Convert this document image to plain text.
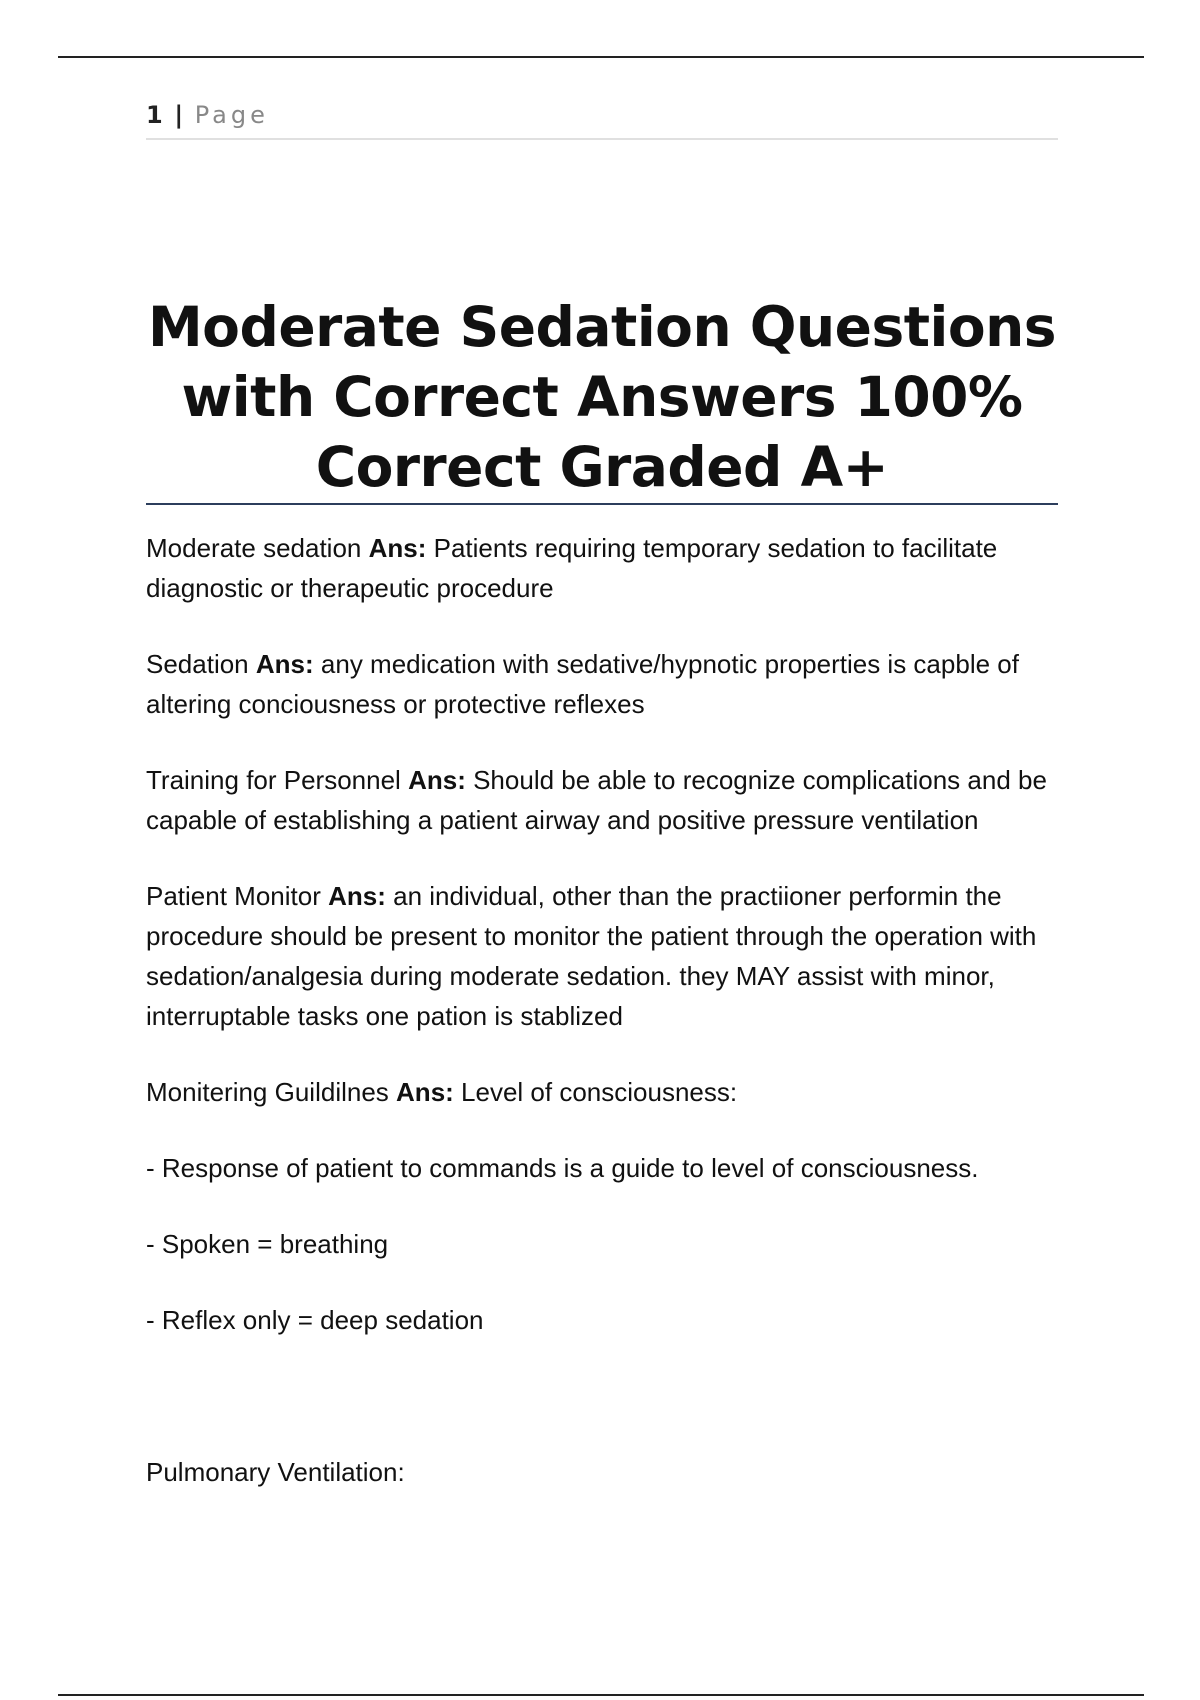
1 | Page
Moderate Sedation Questions
with Correct Answers 100%
Correct Graded A+

Moderate sedation Ans: Patients requiring temporary sedation to facilitate diagnostic or therapeutic procedure

Sedation Ans: any medication with sedative/hypnotic properties is capble of altering conciousness or protective reflexes

Training for Personnel Ans: Should be able to recognize complications and be capable of establishing a patient airway and positive pressure ventilation

Patient Monitor Ans: an individual, other than the practiioner performin the procedure should be present to monitor the patient through the operation with sedation/analgesia during moderate sedation. they MAY assist with minor, interruptable tasks one pation is stablized

Monitering Guildilnes Ans: Level of consciousness:

- Response of patient to commands is a guide to level of consciousness.

- Spoken = breathing

- Reflex only = deep sedation

Pulmonary Ventilation:
